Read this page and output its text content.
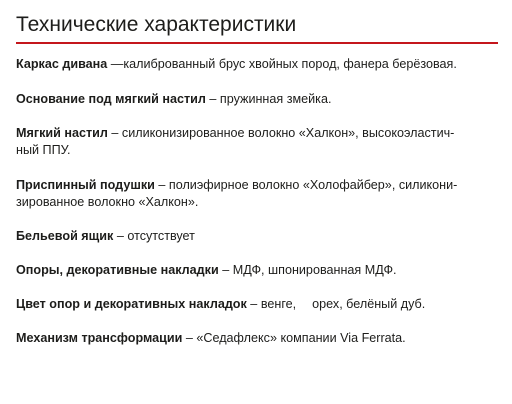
Технические характеристики
Каркас дивана —калиброванный брус хвойных пород, фанера берёзовая.
Основание под мягкий настил – пружинная змейка.
Мягкий настил – силиконизированное волокно «Халкон», высокоэластич-
ный ППУ.
Приспинный подушки – полиэфирное волокно «Холофайбер», силикони-
зированное волокно «Халкон».
Бельевой ящик – отсутствует
Опоры, декоративные накладки – МДФ, шпонированная МДФ.
Цвет опор и декоративных накладок – венге, орех, белёный дуб.
Механизм трансформации – «Седафлекс» компании Via Ferrata.
